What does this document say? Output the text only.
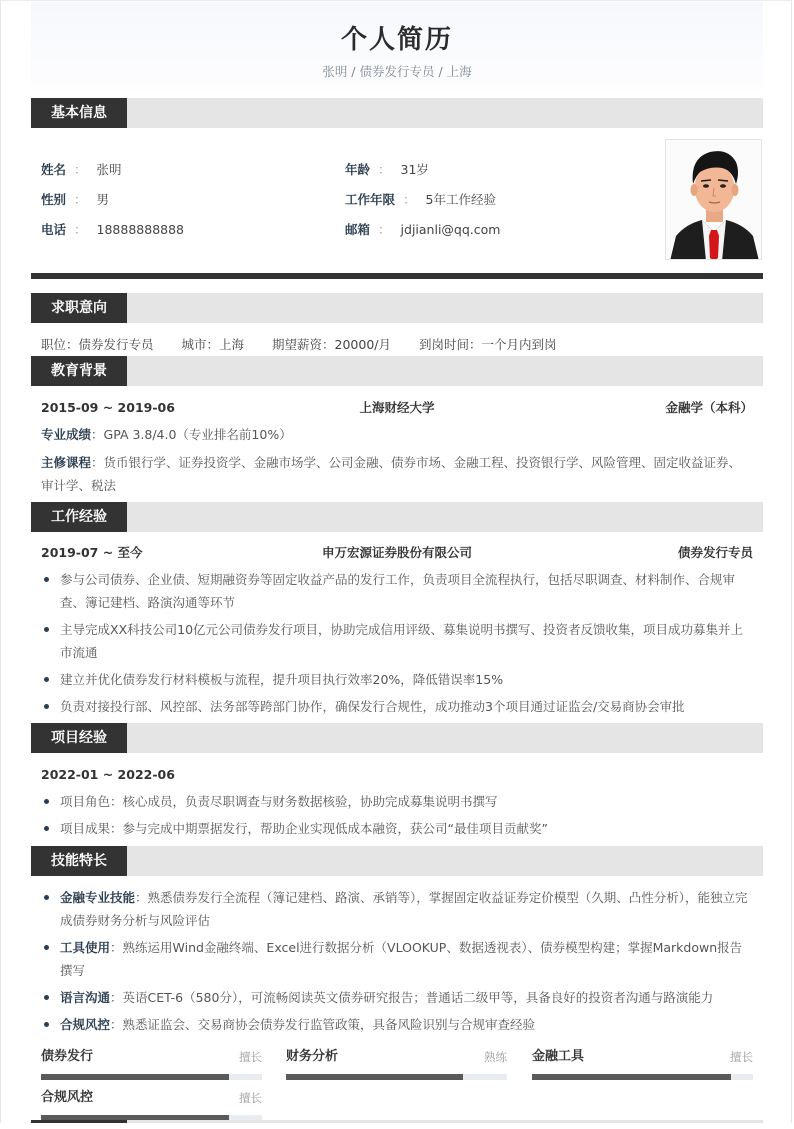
个人简历
张明 / 债券发行专员 / 上海
基本信息
姓名 ： 张明
性别 ： 男
电话 ： 18888888888
年龄 ： 31岁
工作年限 ： 5年工作经验
邮箱 ： jdjianli@qq.com
求职意向
职位：债券发行专员 城市：上海 期望薪资：20000/月 到岗时间：一个月内到岗
教育背景
2015-09 ~ 2019-06	上海财经大学	金融学（本科）
专业成绩：GPA 3.8/4.0（专业排名前10%）
主修课程：货币银行学、证券投资学、金融市场学、公司金融、债券市场、金融工程、投资银行学、风险管理、固定收益证券、审计学、税法
工作经验
2019-07 ~ 至今	申万宏源证券股份有限公司	债券发行专员
参与公司债券、企业债、短期融资券等固定收益产品的发行工作，负责项目全流程执行，包括尽职调查、材料制作、合规审查、簿记建档、路演沟通等环节
主导完成XX科技公司10亿元公司债券发行项目，协助完成信用评级、募集说明书撰写、投资者反馈收集，项目成功募集并上市流通
建立并优化债券发行材料模板与流程，提升项目执行效率20%，降低错误率15%
负责对接投行部、风控部、法务部等跨部门协作，确保发行合规性，成功推动3个项目通过证监会/交易商协会审批
项目经验
2022-01 ~ 2022-06
项目角色：核心成员，负责尽职调查与财务数据核验，协助完成募集说明书撰写
项目成果：参与完成中期票据发行，帮助企业实现低成本融资，获公司“最佳项目贡献奖”
技能特长
金融专业技能：熟悉债券发行全流程（簿记建档、路演、承销等），掌握固定收益证券定价模型（久期、凸性分析），能独立完成债券财务分析与风险评估
工具使用：熟练运用Wind金融终端、Excel进行数据分析（VLOOKUP、数据透视表）、债券模型构建；掌握Markdown报告撰写
语言沟通：英语CET-6（580分），可流畅阅读英文债券研究报告；普通话二级甲等，具备良好的投资者沟通与路演能力
合规风控：熟悉证监会、交易商协会债券发行监管政策，具备风险识别与合规审查经验
债券发行	擅长 财务分析	熟练 金融工具	擅长
合规风控	擅长
